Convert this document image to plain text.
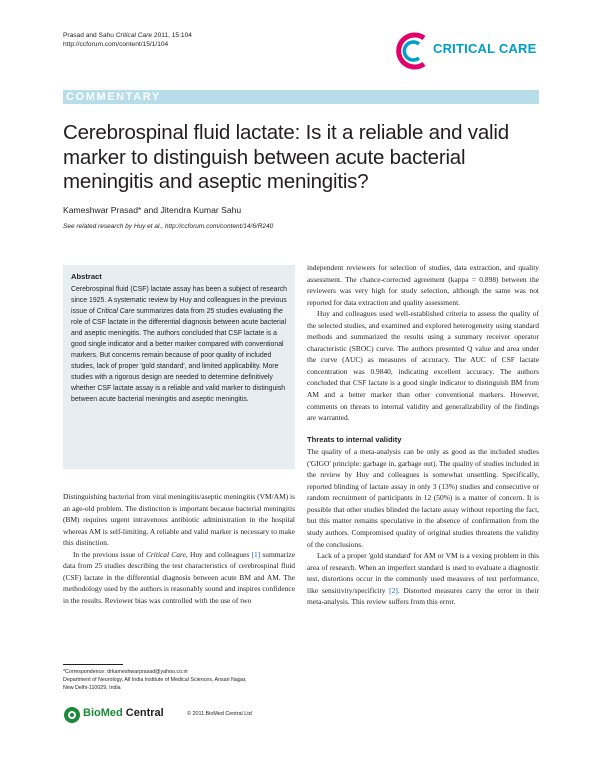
Prasad and Sahu Critical Care 2011, 15:104
http://ccforum.com/content/15/1/104	CRITICAL CARE
COMMENTARY
Cerebrospinal fluid lactate: Is it a reliable and valid marker to distinguish between acute bacterial meningitis and aseptic meningitis?
Kameshwar Prasad* and Jitendra Kumar Sahu
See related research by Huy et al., http://ccforum.com/content/14/6/R240
Abstract
Cerebrospinal fluid (CSF) lactate assay has been a subject of research since 1925. A systematic review by Huy and colleagues in the previous issue of Critical Care summarizes data from 25 studies evaluating the role of CSF lactate in the differential diagnosis between acute bacterial and aseptic meningitis. The authors concluded that CSF lactate is a good single indicator and a better marker compared with conventional markers. But concerns remain because of poor quality of included studies, lack of proper 'gold standard', and limited applicability. More studies with a rigorous design are needed to determine definitively whether CSF lactate assay is a reliable and valid marker to distinguish between acute bacterial meningitis and aseptic meningitis.

Distinguishing bacterial from viral meningitis/aseptic meningitis (VM/AM) is an age-old problem. The distinction is important because bacterial meningitis (BM) requires urgent intravenous antibiotic administration in the hospital whereas AM is self-limiting. A reliable and valid marker is necessary to make this distinction.

In the previous issue of Critical Care, Huy and colleagues [1] summarize data from 25 studies describing the test characteristics of cerebrospinal fluid (CSF) lactate in the differential diagnosis between acute BM and AM. The methodology used by the authors is reasonably sound and inspires confidence in the results. Reviewer bias was controlled with the use of two

independent reviewers for selection of studies, data extraction, and quality assessment. The chance-corrected agreement (kappa = 0.898) between the reviewers was very high for study selection, although the same was not reported for data extraction and quality assessment.

Huy and colleagues used well-established criteria to assess the quality of the selected studies, and examined and explored heterogeneity using standard methods and summarized the results using a summary receiver operator characteristic (SROC) curve. The authors presented Q value and area under the curve (AUC) as measures of accuracy. The AUC of CSF lactate concentration was 0.9840, indicating excellent accuracy. The authors concluded that CSF lactate is a good single indicator to distinguish BM from AM and a better marker than other conventional markers. However, comments on threats to internal validity and generalizability of the findings are warranted.

Threats to internal validity

The quality of a meta-analysis can be only as good as the included studies ('GIGO' principle: garbage in, garbage out). The quality of studies included in the review by Huy and colleagues is somewhat unsettling. Specifically, reported blinding of lactate assay in only 3 (13%) studies and consecutive or random recruitment of participants in 12 (50%) is a matter of concern. It is possible that other studies blinded the lactate assay without reporting the fact, but this matter remains speculative in the absence of confirmation from the study authors. Compromised quality of original studies threatens the validity of the conclusions.

Lack of a proper 'gold standard' for AM or VM is a vexing problem in this area of research. When an imperfect standard is used to evaluate a diagnostic test, distortions occur in the commonly used measures of test performance, like sensitivity/specificity [2]. Distorted measures carry the error in their meta-analysis. This review suffers from this error.

*Correspondence: drkameshwarprasad@yahoo.co.in
Department of Neurology, All India Institute of Medical Sciences, Ansari Nagar,
New Delhi-110029, India
BioMed Central	© 2011 BioMed Central Ltd
